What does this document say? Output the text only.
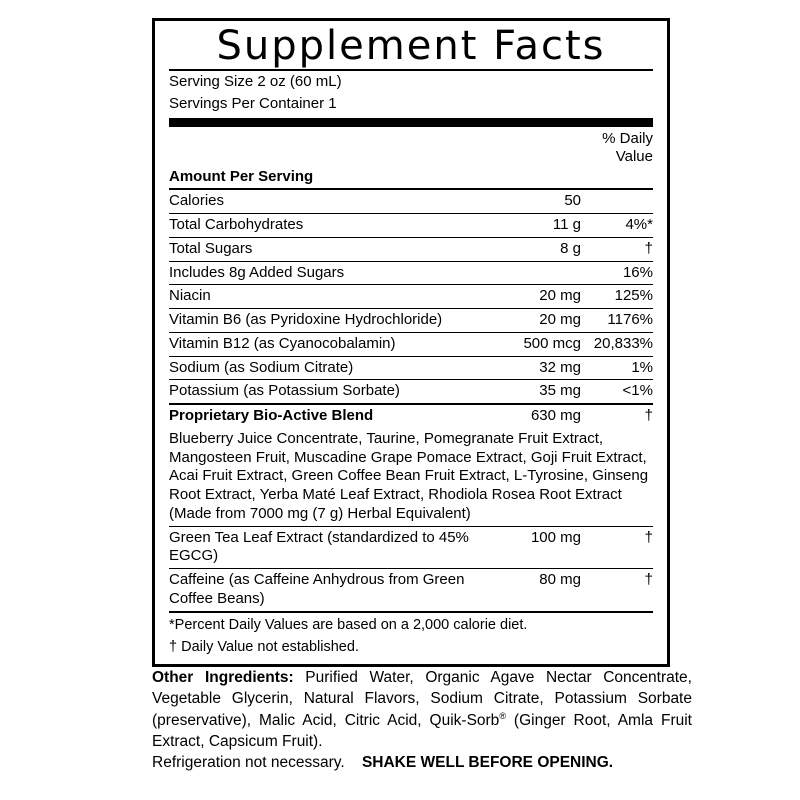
Supplement Facts
Serving Size 2 oz (60 mL)
Servings Per Container 1
% Daily
Value
Amount Per Serving		
Calories	50	
Total Carbohydrates	11 g	4%*
Total Sugars	8 g	†
Includes 8g Added Sugars		16%
Niacin	20 mg	125%
Vitamin B6 (as Pyridoxine Hydrochloride)	20 mg	1176%
Vitamin B12 (as Cyanocobalamin)	500 mcg	20,833%
Sodium (as Sodium Citrate)	32 mg	1%
Potassium (as Potassium Sorbate)	35 mg	<1%
Proprietary Bio-Active Blend	630 mg	†
Blueberry Juice Concentrate, Taurine, Pomegranate Fruit Extract, Mangosteen Fruit, Muscadine Grape Pomace Extract, Goji Fruit Extract, Acai Fruit Extract, Green Coffee Bean Fruit Extract, L-Tyrosine, Ginseng Root Extract, Yerba Maté Leaf Extract, Rhodiola Rosea Root Extract (Made from 7000 mg (7 g) Herbal Equivalent)		
Green Tea Leaf Extract (standardized to 45% EGCG)	100 mg	†
Caffeine (as Caffeine Anhydrous from Green Coffee Beans)	80 mg	†
*Percent Daily Values are based on a 2,000 calorie diet.
† Daily Value not established.
Other Ingredients: Purified Water, Organic Agave Nectar Concentrate, Vegetable Glycerin, Natural Flavors, Sodium Citrate, Potassium Sorbate (preservative), Malic Acid, Citric Acid, Quik-Sorb® (Ginger Root, Amla Fruit Extract, Capsicum Fruit).
Refrigeration not necessary. SHAKE WELL BEFORE OPENING.
